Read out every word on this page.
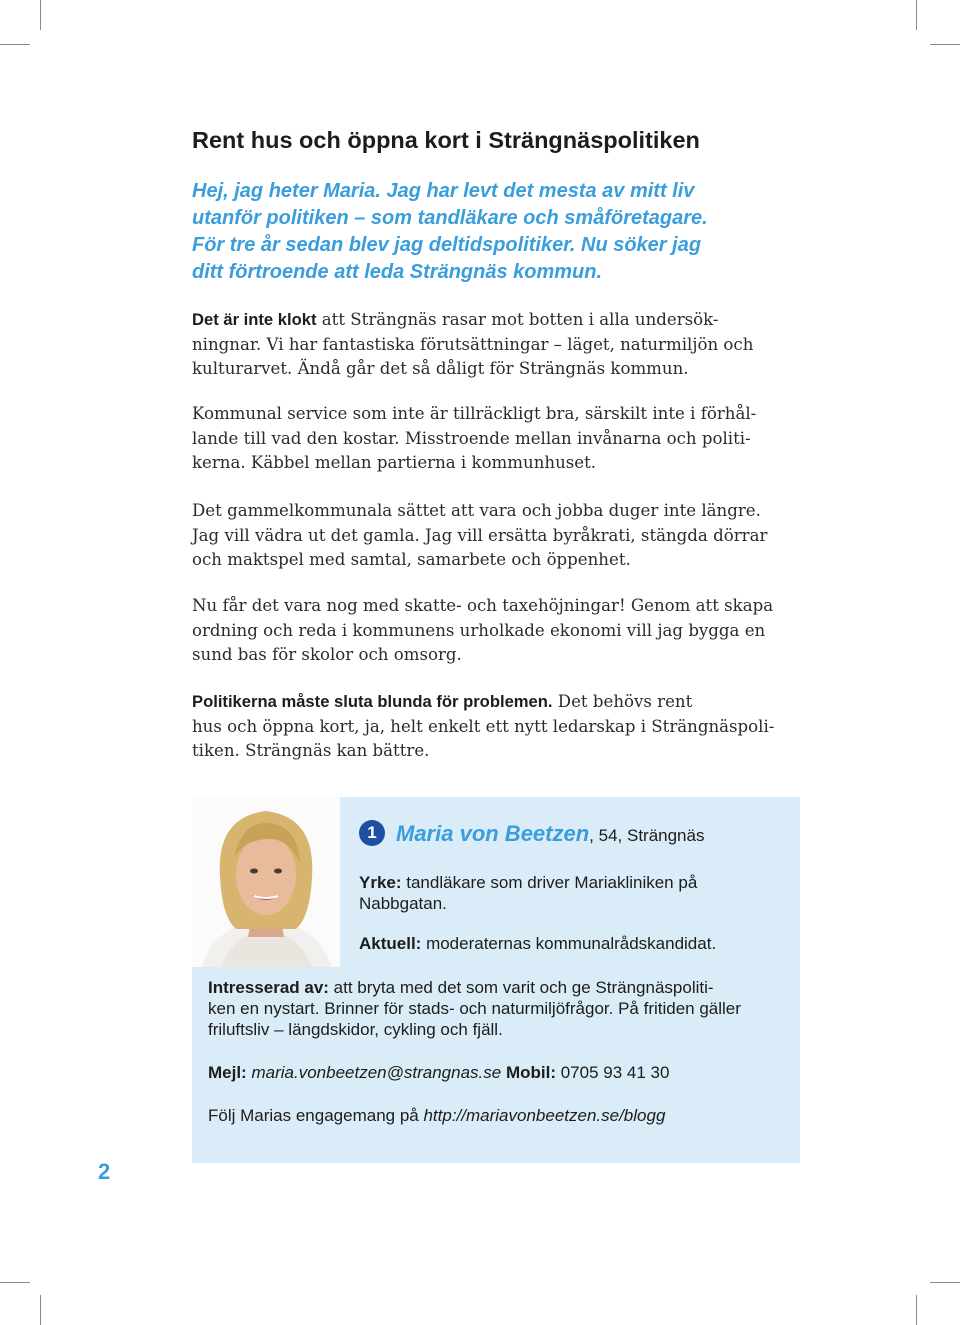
Rent hus och öppna kort i Strängnäspolitiken
Hej, jag heter Maria. Jag har levt det mesta av mitt liv
utanför politiken – som tandläkare och småföretagare.
För tre år sedan blev jag deltidspolitiker. Nu söker jag
ditt förtroende att leda Strängnäs kommun.
Det är inte klokt att Strängnäs rasar mot botten i alla undersök-
ningnar. Vi har fantastiska förutsättningar – läget, naturmiljön och
kulturarvet. Ändå går det så dåligt för Strängnäs kommun.
Kommunal service som inte är tillräckligt bra, särskilt inte i förhål-
lande till vad den kostar. Misstroende mellan invånarna och politi-
kerna. Käbbel mellan partierna i kommunhuset.
Det gammelkommunala sättet att vara och jobba duger inte längre.
Jag vill vädra ut det gamla. Jag vill ersätta byråkrati, stängda dörrar
och maktspel med samtal, samarbete och öppenhet.
Nu får det vara nog med skatte- och taxehöjningar! Genom att skapa
ordning och reda i kommunens urholkade ekonomi vill jag bygga en
sund bas för skolor och omsorg.
Politikerna måste sluta blunda för problemen. Det behövs rent
hus och öppna kort, ja, helt enkelt ett nytt ledarskap i Strängnäspoli-
tiken. Strängnäs kan bättre.
1 Maria von Beetzen, 54, Strängnäs
Yrke: tandläkare som driver Mariakliniken på
Nabbgatan.
Aktuell: moderaternas kommunalrådskandidat.
Intresserad av: att bryta med det som varit och ge Strängnäspoliti-
ken en nystart. Brinner för stads- och naturmiljöfrågor. På fritiden gäller
friluftsliv – längdskidor, cykling och fjäll.
Mejl: maria.vonbeetzen@strangnas.se Mobil: 0705 93 41 30
Följ Marias engagemang på http://mariavonbeetzen.se/blogg
2
